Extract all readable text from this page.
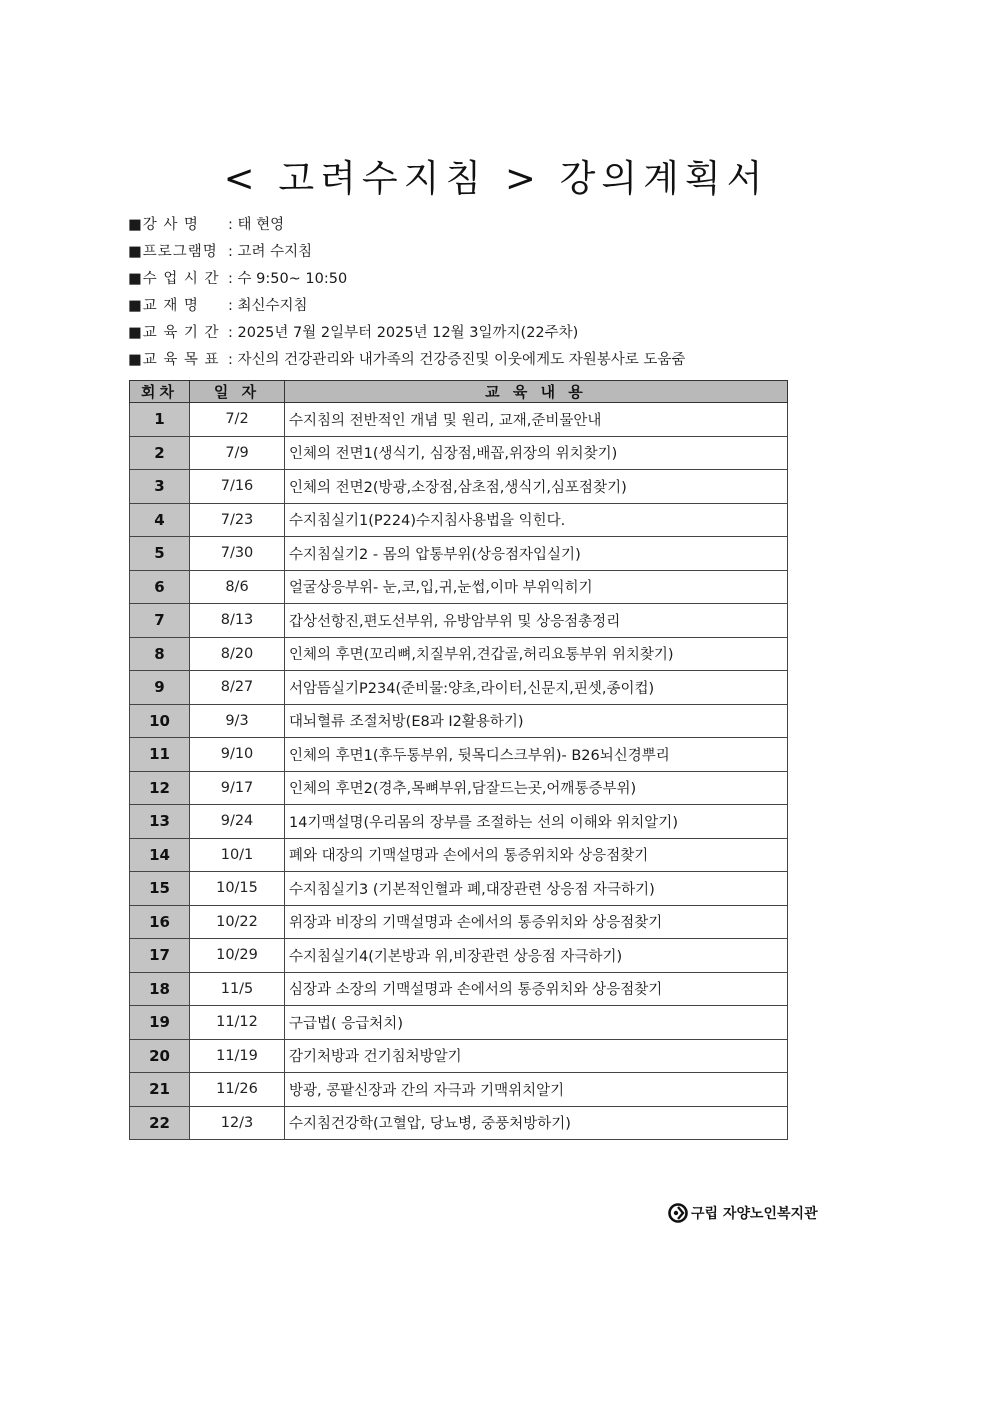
< 고려수지침 > 강의계획서
■강 사 명	: 태 현영
■프로그램명 : 고려 수지침
■수 업 시 간 : 수 9:50~ 10:50
■교 재 명	: 최신수지침
■교 육 기 간 : 2025년 7월 2일부터 2025년 12월 3일까지(22주차)
■교 육 목 표 : 자신의 건강관리와 내가족의 건강증진및 이웃에게도 자원봉사로 도움줌
회차	일 자	교 육 내 용
1	7/2	수지침의 전반적인 개념 및 원리, 교재,준비물안내
2	7/9	인체의 전면1(생식기, 심장점,배꼽,위장의 위치찾기)
3	7/16	인체의 전면2(방광,소장점,삼초점,생식기,심포점찾기)
4	7/23	수지침실기1(P224)수지침사용법을 익힌다.
5	7/30	수지침실기2 - 몸의 압통부위(상응점자입실기)
6	8/6	얼굴상응부위- 눈,코,입,귀,눈썹,이마 부위익히기
7	8/13	갑상선항진,편도선부위, 유방암부위 및 상응점총정리
8	8/20	인체의 후면(꼬리뼈,치질부위,견갑골,허리요통부위 위치찾기)
9	8/27	서암뜸실기P234(준비물:양초,라이터,신문지,핀셋,종이컵)
10	9/3	대뇌혈류 조절처방(E8과 I2활용하기)
11	9/10	인체의 후면1(후두통부위, 뒷목디스크부위)- B26뇌신경뿌리
12	9/17	인체의 후면2(경추,목뼈부위,담잘드는곳,어깨통증부위)
13	9/24	14기맥설명(우리몸의 장부를 조절하는 선의 이해와 위치알기)
14	10/1	폐와 대장의 기맥설명과 손에서의 통증위치와 상응점찾기
15	10/15	수지침실기3 (기본적인혈과 폐,대장관련 상응점 자극하기)
16	10/22	위장과 비장의 기맥설명과 손에서의 통증위치와 상응점찾기
17	10/29	수지침실기4(기본방과 위,비장관련 상응점 자극하기)
18	11/5	심장과 소장의 기맥설명과 손에서의 통증위치와 상응점찾기
19	11/12	구급법( 응급처치)
20	11/19	감기처방과 건기침처방알기
21	11/26	방광, 콩팥신장과 간의 자극과 기맥위치알기
22	12/3	수지침건강학(고혈압, 당뇨병, 중풍처방하기)
구립 자양노인복지관
